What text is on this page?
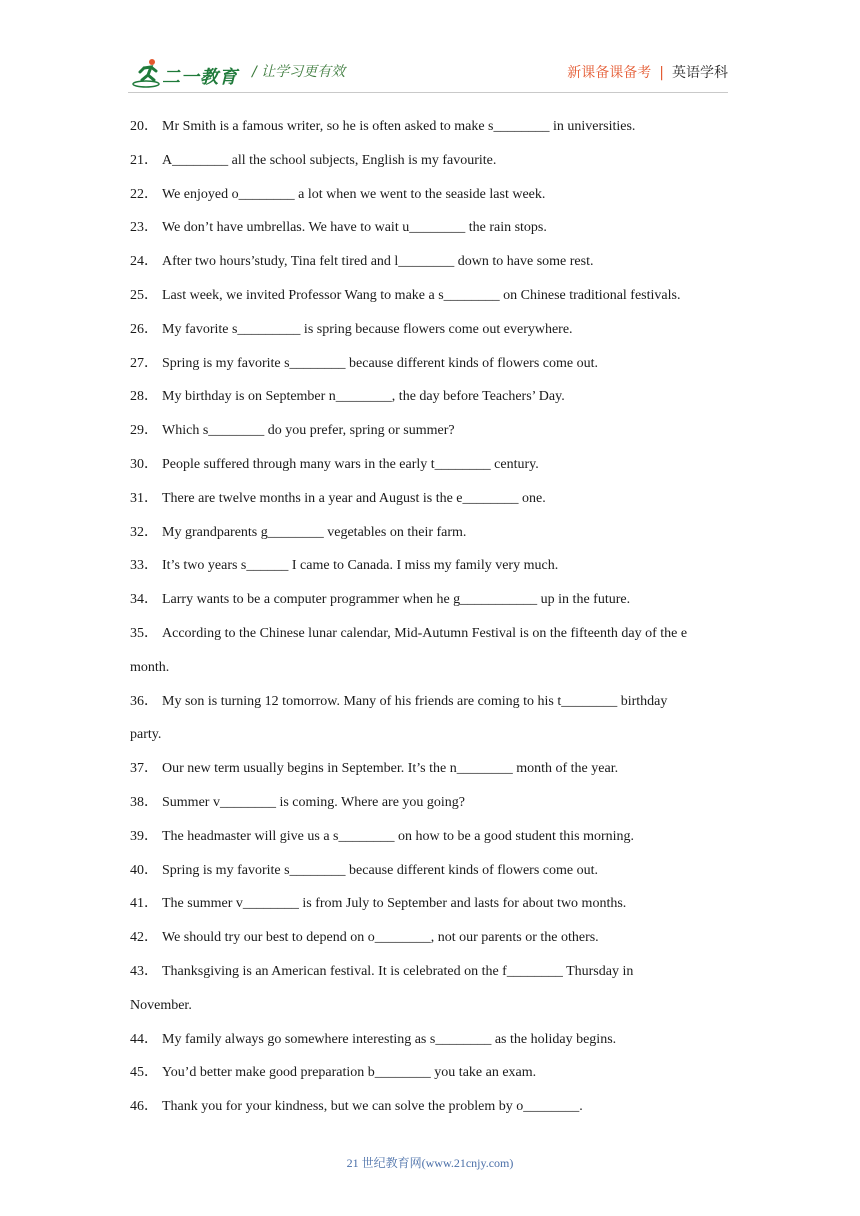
二一教育 / 让学习更有效	新课备课备考 | 英语学科
20． Mr Smith is a famous writer, so he is often asked to make s________ in universities.
21． A________ all the school subjects, English is my favourite.
22． We enjoyed o________ a lot when we went to the seaside last week.
23． We don’t have umbrellas. We have to wait u________ the rain stops.
24． After two hours’study, Tina felt tired and l________ down to have some rest.
25． Last week, we invited Professor Wang to make a s________ on Chinese traditional festivals.
26． My favorite s_________ is spring because flowers come out everywhere.
27． Spring is my favorite s________ because different kinds of flowers come out.
28． My birthday is on September n________, the day before Teachers’ Day.
29． Which s________ do you prefer, spring or summer?
30． People suffered through many wars in the early t________ century.
31． There are twelve months in a year and August is the e________ one.
32． My grandparents g________ vegetables on their farm.
33． It’s two years s______ I came to Canada. I miss my family very much.
34． Larry wants to be a computer programmer when he g___________ up in the future.
35． According to the Chinese lunar calendar, Mid-Autumn Festival is on the fifteenth day of the e
month.
36． My son is turning 12 tomorrow. Many of his friends are coming to his t________ birthday
party.
37． Our new term usually begins in September. It’s the n________ month of the year.
38． Summer v________ is coming. Where are you going?
39． The headmaster will give us a s________ on how to be a good student this morning.
40． Spring is my favorite s________ because different kinds of flowers come out.
41． The summer v________ is from July to September and lasts for about two months.
42． We should try our best to depend on o________, not our parents or the others.
43． Thanksgiving is an American festival. It is celebrated on the f________ Thursday in
November.
44． My family always go somewhere interesting as s________ as the holiday begins.
45． You’d better make good preparation b________ you take an exam.
46． Thank you for your kindness, but we can solve the problem by o________.
21 世纪教育网(www.21cnjy.com)
